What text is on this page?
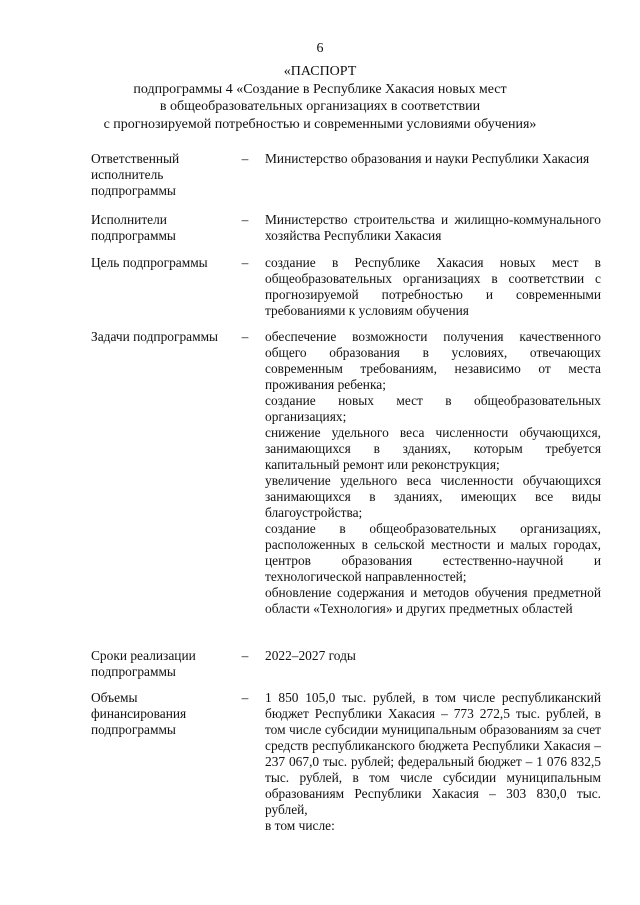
6
«ПАСПОРТ
подпрограммы 4 «Создание в Республике Хакасия новых мест
в общеобразовательных организациях в соответствии
с прогнозируемой потребностью и современными условиями обучения»
Ответственный исполнитель подпрограммы
– Министерство образования и науки Республики Хакасия

Исполнители подпрограммы
– Министерство строительства и жилищно-коммунального хозяйства Республики Хакасия

Цель подпрограммы	– создание в Республике Хакасия новых мест в общеобразовательных организациях в соответствии с прогнозируемой потребностью и современными требованиями к условиям обучения

Задачи подпрограммы	– обеспечение возможности получения качественного общего образования в условиях, отвечающих современным требованиям, независимо от места проживания ребенка;

создание новых мест в общеобразовательных организациях;

снижение удельного веса численности обучающихся, занимающихся в зданиях, которым требуется капитальный ремонт или реконструкция;

увеличение удельного веса численности обучающихся занимающихся в зданиях, имеющих все виды благоустройства;

создание в общеобразовательных организациях, расположенных в сельской местности и малых городах, центров образования естественно-научной и технологической направленностей;

обновление содержания и методов обучения предметной области «Технология» и других предметных областей

Сроки реализации подпрограммы
– 2022–2027 годы

Объемы финансирования подпрограммы
– 1 850 105,0 тыс. рублей, в том числе республиканский бюджет Республики Хакасия – 773 272,5 тыс. рублей, в том числе субсидии муниципальным образованиям за счет средств республиканского бюджета Республики Хакасия – 237 067,0 тыс. рублей; федеральный бюджет – 1 076 832,5 тыс. рублей, в том числе субсидии муниципальным образованиям Республики Хакасия – 303 830,0 тыс. рублей,

в том числе:
